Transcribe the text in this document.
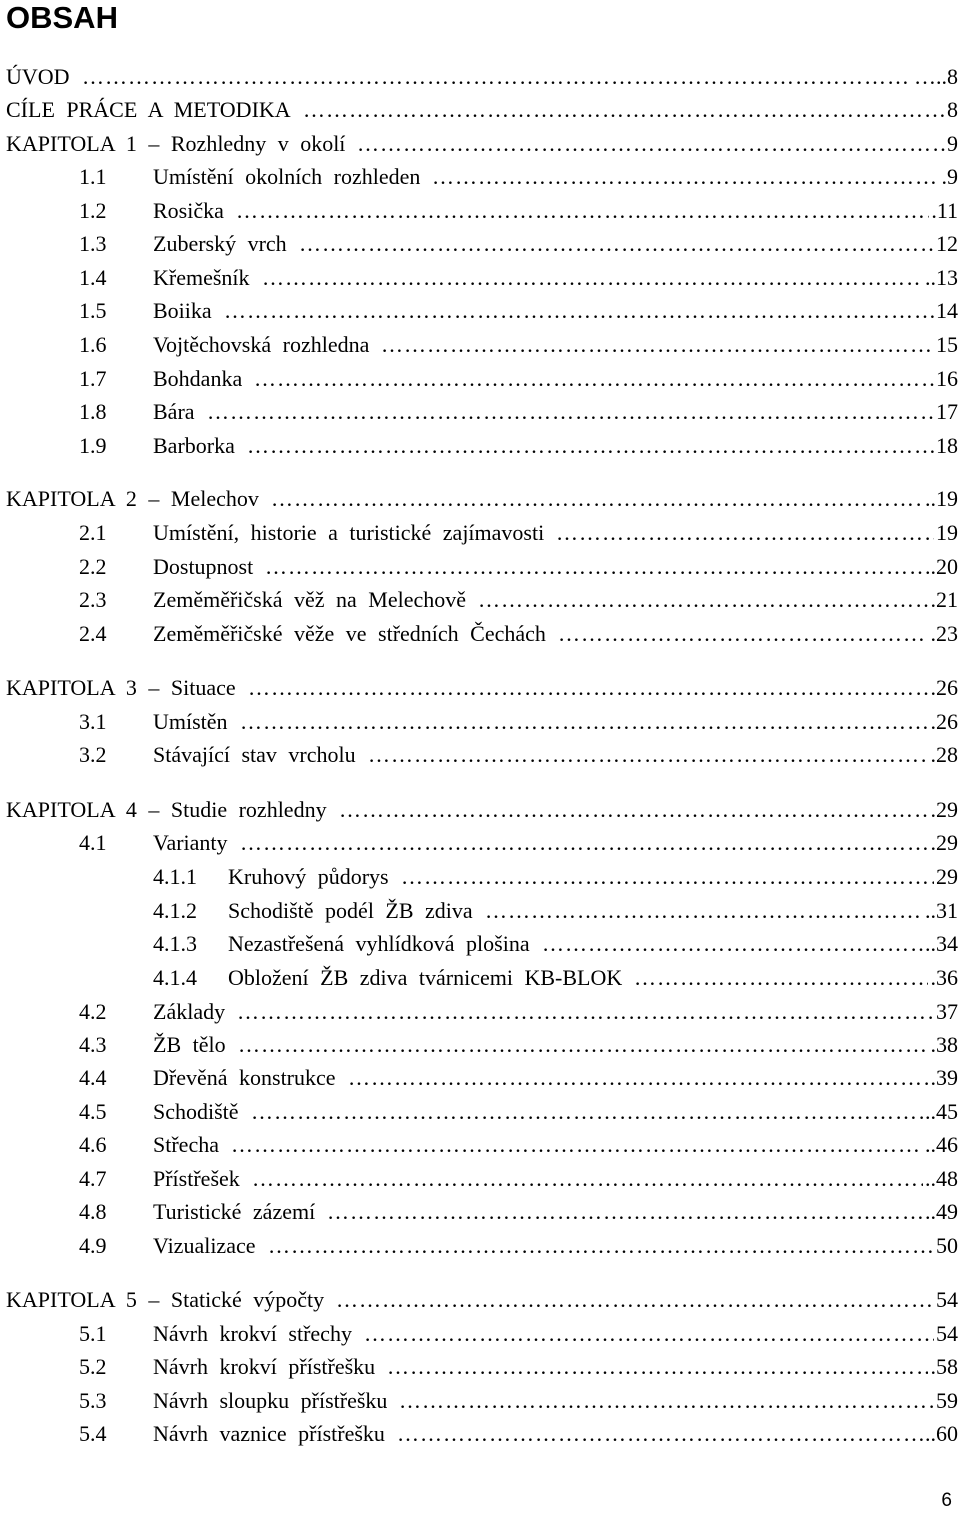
OBSAH
ÚVOD	…..8
……………………………………………………………………………………………………………………………………………………………………………………………
CÍLE PRÁCE A METODIKA	8
……………………………………………………………………………………………………………………………………………………………………………………………
KAPITOLA 1 – Rozhledny v okolí	9
……………………………………………………………………………………………………………………………………………………………………………………………
1.1 Umístění okolních rozhleden	.9
……………………………………………………………………………………………………………………………………………………………………………………………
1.2 Rosička	.11
……………………………………………………………………………………………………………………………………………………………………………………………
1.3 Zuberský vrch	12
……………………………………………………………………………………………………………………………………………………………………………………………
1.4 Křemešník	..13
……………………………………………………………………………………………………………………………………………………………………………………………
1.5 Boiika	14
……………………………………………………………………………………………………………………………………………………………………………………………
1.6 Vojtěchovská rozhledna	15
……………………………………………………………………………………………………………………………………………………………………………………………
1.7 Bohdanka	16
……………………………………………………………………………………………………………………………………………………………………………………………
1.8 Bára	17
……………………………………………………………………………………………………………………………………………………………………………………………
1.9 Barborka	18
……………………………………………………………………………………………………………………………………………………………………………………………
KAPITOLA 2 – Melechov	..19
……………………………………………………………………………………………………………………………………………………………………………………………
2.1 Umístění, historie a turistické zajímavosti	19
……………………………………………………………………………………………………………………………………………………………………………………………
2.2 Dostupnost	..20
……………………………………………………………………………………………………………………………………………………………………………………………
2.3 Zeměměřičská věž na Melechově	.21
……………………………………………………………………………………………………………………………………………………………………………………………
2.4 Zeměměřičské věže ve středních Čechách	.23
……………………………………………………………………………………………………………………………………………………………………………………………
KAPITOLA 3 – Situace	.26
……………………………………………………………………………………………………………………………………………………………………………………………
3.1 Umístěn	.26
……………………………………………………………………………………………………………………………………………………………………………………………
3.2 Stávající stav vrcholu	.28
……………………………………………………………………………………………………………………………………………………………………………………………
KAPITOLA 4 – Studie rozhledny	.29
……………………………………………………………………………………………………………………………………………………………………………………………
4.1 Varianty	.29
……………………………………………………………………………………………………………………………………………………………………………………………
4.1.1 Kruhový půdorys	29
……………………………………………………………………………………………………………………………………………………………………………………………
4.1.2 Schodiště podél ŽB zdiva	..31
……………………………………………………………………………………………………………………………………………………………………………………………
4.1.3 Nezastřešená vyhlídková plošina	..34
……………………………………………………………………………………………………………………………………………………………………………………………
4.1.4 Obložení ŽB zdiva tvárnicemi KB-BLOK	.36
……………………………………………………………………………………………………………………………………………………………………………………………
4.2 Základy	37
……………………………………………………………………………………………………………………………………………………………………………………………
4.3 ŽB tělo	.38
……………………………………………………………………………………………………………………………………………………………………………………………
4.4 Dřevěná konstrukce	.39
……………………………………………………………………………………………………………………………………………………………………………………………
4.5 Schodiště	..45
……………………………………………………………………………………………………………………………………………………………………………………………
4.6 Střecha	..46
……………………………………………………………………………………………………………………………………………………………………………………………
4.7 Přístřešek	..48
……………………………………………………………………………………………………………………………………………………………………………………………
4.8 Turistické zázemí	..49
……………………………………………………………………………………………………………………………………………………………………………………………
4.9 Vizualizace	50
……………………………………………………………………………………………………………………………………………………………………………………………
KAPITOLA 5 – Statické výpočty	54
……………………………………………………………………………………………………………………………………………………………………………………………
5.1 Návrh krokví střechy	54
……………………………………………………………………………………………………………………………………………………………………………………………
5.2 Návrh krokví přístřešku	.58
……………………………………………………………………………………………………………………………………………………………………………………………
5.3 Návrh sloupku přístřešku	59
……………………………………………………………………………………………………………………………………………………………………………………………
5.4 Návrh vaznice přístřešku	..60
……………………………………………………………………………………………………………………………………………………………………………………………
6
